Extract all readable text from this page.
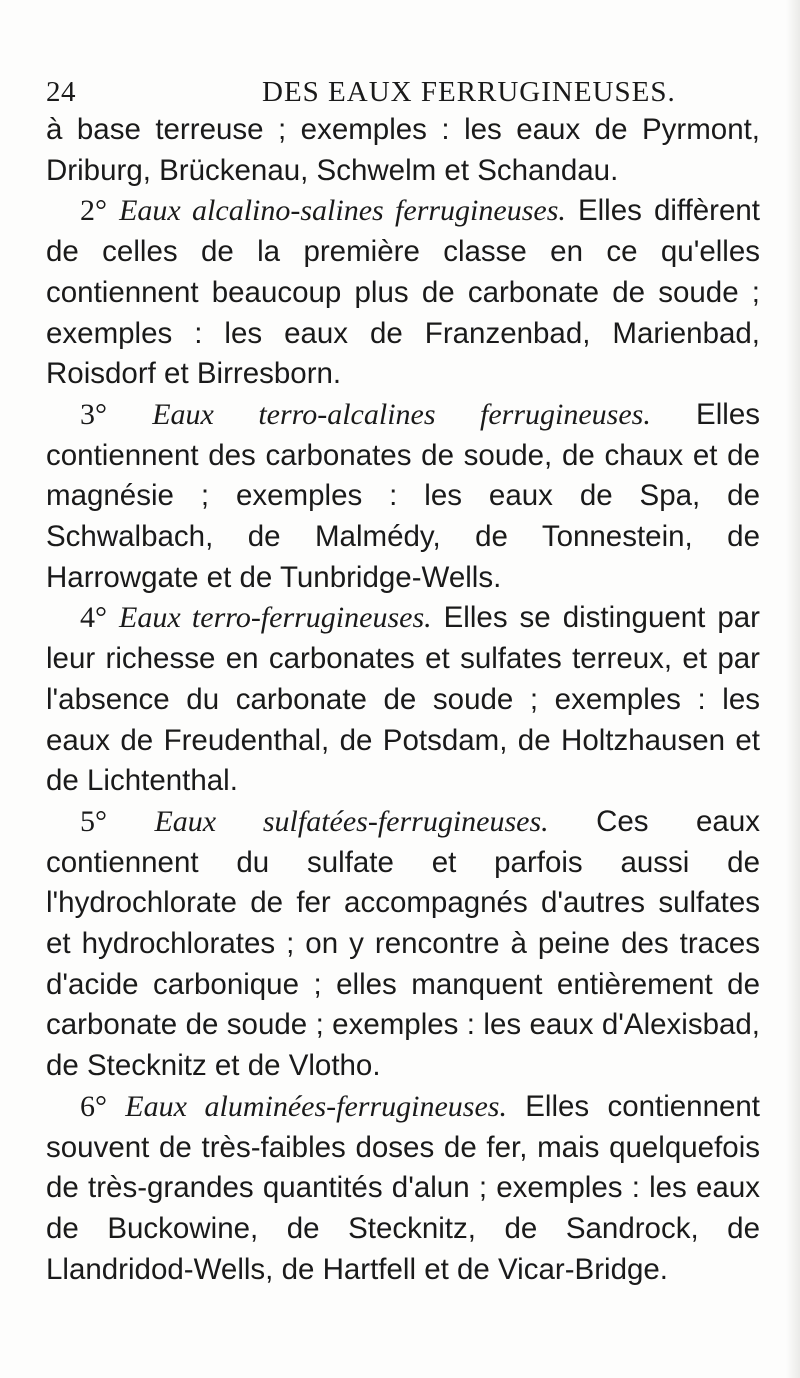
24	DES EAUX FERRUGINEUSES.

à base terreuse ; exemples : les eaux de Pyrmont, Driburg, Brückenau, Schwelm et Schandau.

2° Eaux alcalino-salines ferrugineuses. Elles diffèrent de celles de la première classe en ce qu'elles contiennent beaucoup plus de carbonate de soude ; exemples : les eaux de Franzenbad, Marienbad, Roisdorf et Birresborn.

3° Eaux terro-alcalines ferrugineuses. Elles contiennent des carbonates de soude, de chaux et de magnésie ; exemples : les eaux de Spa, de Schwalbach, de Malmédy, de Tonnestein, de Harrowgate et de Tunbridge-Wells.

4° Eaux terro-ferrugineuses. Elles se distinguent par leur richesse en carbonates et sulfates terreux, et par l'absence du carbonate de soude ; exemples : les eaux de Freudenthal, de Potsdam, de Holtzhausen et de Lichtenthal.

5° Eaux sulfatées-ferrugineuses. Ces eaux contiennent du sulfate et parfois aussi de l'hydrochlorate de fer accompagnés d'autres sulfates et hydrochlorates ; on y rencontre à peine des traces d'acide carbonique ; elles manquent entièrement de carbonate de soude ; exemples : les eaux d'Alexisbad, de Stecknitz et de Vlotho.

6° Eaux aluminées-ferrugineuses. Elles contiennent souvent de très-faibles doses de fer, mais quelquefois de très-grandes quantités d'alun ; exemples : les eaux de Buckowine, de Stecknitz, de Sandrock, de Llandridod-Wells, de Hartfell et de Vicar-Bridge.
